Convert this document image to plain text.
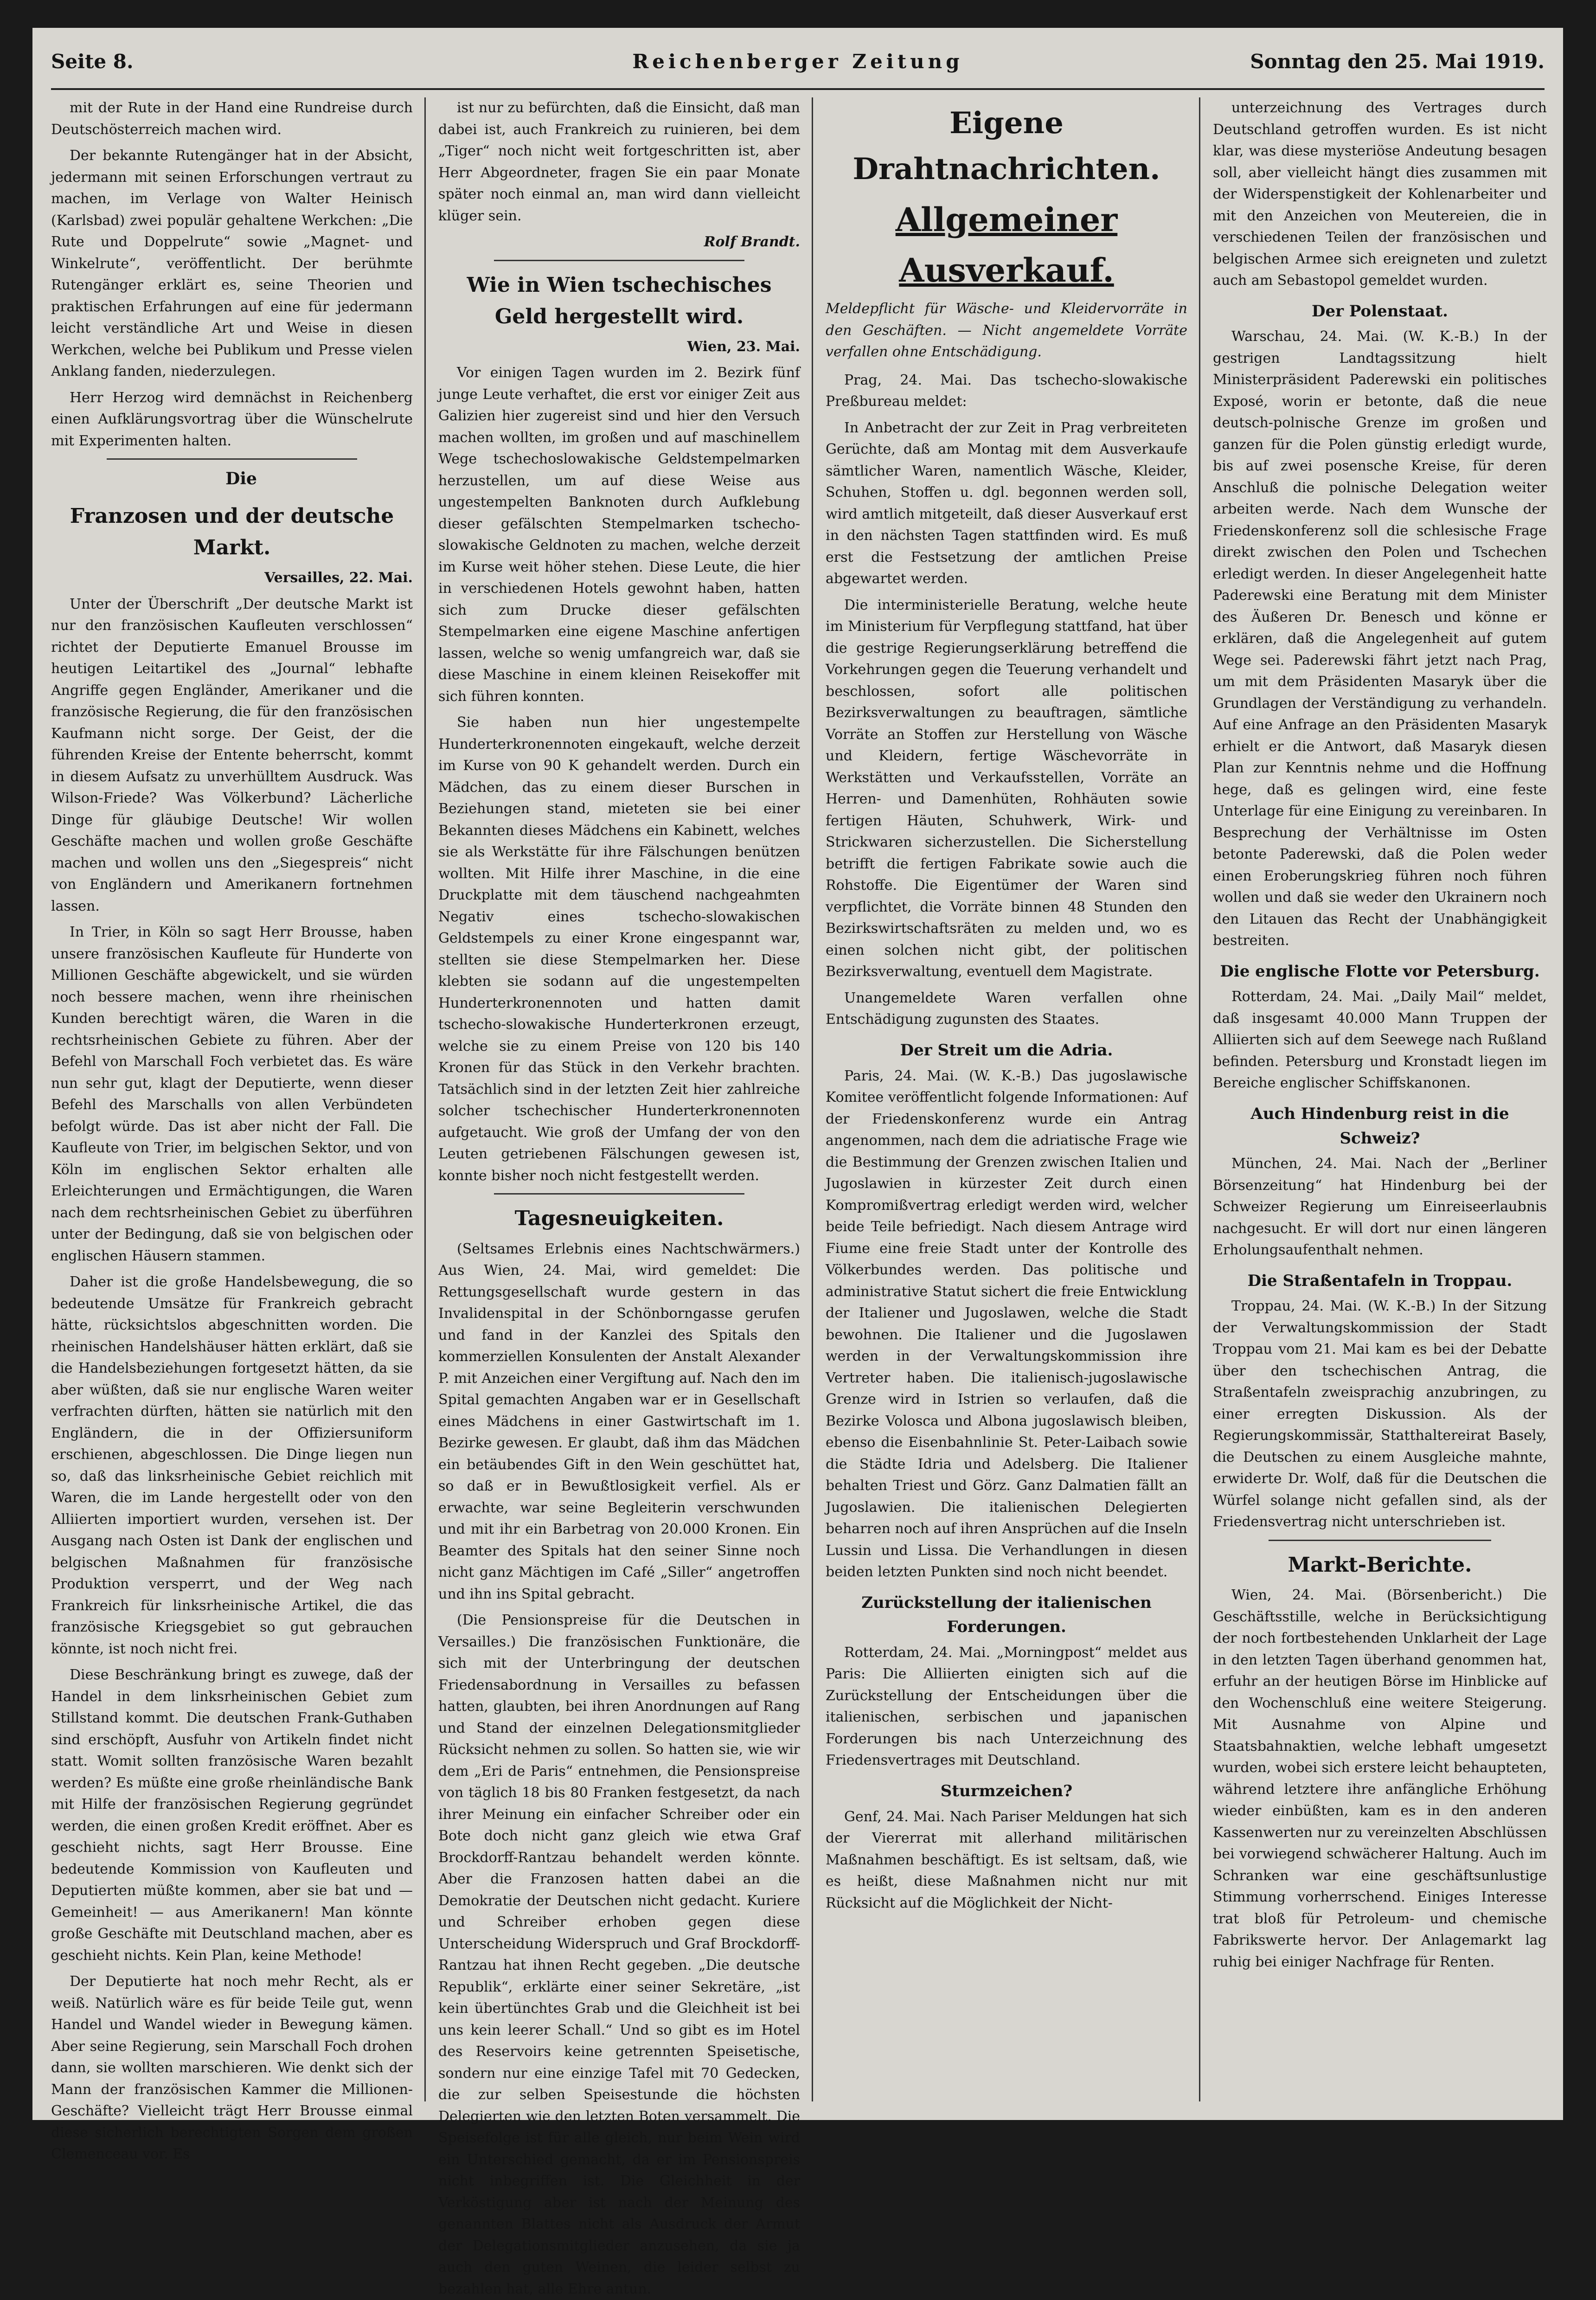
Seite 8.	Reichenberger Zeitung	Sonntag den 25. Mai 1919.

mit der Rute in der Hand eine Rundreise durch Deutschösterreich machen wird.

Der bekannte Rutengänger hat in der Absicht, jedermann mit seinen Erforschungen vertraut zu machen, im Verlage von Walter Heinisch (Karlsbad) zwei populär gehaltene Werkchen: „Die Rute und Doppelrute“ sowie „Magnet- und Winkelrute“, veröffentlicht. Der berühmte Rutengänger erklärt es, seine Theorien und praktischen Erfahrungen auf eine für jedermann leicht verständliche Art und Weise in diesen Werkchen, welche bei Publikum und Presse vielen Anklang fanden, niederzulegen.

Herr Herzog wird demnächst in Reichenberg einen Aufklärungsvortrag über die Wünschelrute mit Experimenten halten.

Die

Franzosen und der deutsche Markt.

Versailles, 22. Mai.

Unter der Überschrift „Der deutsche Markt ist nur den französischen Kaufleuten verschlossen“ richtet der Deputierte Emanuel Brousse im heutigen Leitartikel des „Journal“ lebhafte Angriffe gegen Engländer, Amerikaner und die französische Regierung, die für den französischen Kaufmann nicht sorge. Der Geist, der die führenden Kreise der Entente beherrscht, kommt in diesem Aufsatz zu unverhülltem Ausdruck. Was Wilson-Friede? Was Völkerbund? Lächerliche Dinge für gläubige Deutsche! Wir wollen Geschäfte machen und wollen große Geschäfte machen und wollen uns den „Siegespreis“ nicht von Engländern und Amerikanern fortnehmen lassen.

In Trier, in Köln so sagt Herr Brousse, haben unsere französischen Kaufleute für Hunderte von Millionen Geschäfte abgewickelt, und sie würden noch bessere machen, wenn ihre rheinischen Kunden berechtigt wären, die Waren in die rechtsrheinischen Gebiete zu führen. Aber der Befehl von Marschall Foch verbietet das. Es wäre nun sehr gut, klagt der Deputierte, wenn dieser Befehl des Marschalls von allen Verbündeten befolgt würde. Das ist aber nicht der Fall. Die Kaufleute von Trier, im belgischen Sektor, und von Köln im englischen Sektor erhalten alle Erleichterungen und Ermächtigungen, die Waren nach dem rechtsrheinischen Gebiet zu überführen unter der Bedingung, daß sie von belgischen oder englischen Häusern stammen.

Daher ist die große Handelsbewegung, die so bedeutende Umsätze für Frankreich gebracht hätte, rücksichtslos abgeschnitten worden. Die rheinischen Handelshäuser hätten erklärt, daß sie die Handelsbeziehungen fortgesetzt hätten, da sie aber wüßten, daß sie nur englische Waren weiter verfrachten dürften, hätten sie natürlich mit den Engländern, die in der Offiziersuniform erschienen, abgeschlossen. Die Dinge liegen nun so, daß das linksrheinische Gebiet reichlich mit Waren, die im Lande hergestellt oder von den Alliierten importiert wurden, versehen ist. Der Ausgang nach Osten ist Dank der englischen und belgischen Maßnahmen für französische Produktion versperrt, und der Weg nach Frankreich für linksrheinische Artikel, die das französische Kriegsgebiet so gut gebrauchen könnte, ist noch nicht frei.

Diese Beschränkung bringt es zuwege, daß der Handel in dem linksrheinischen Gebiet zum Stillstand kommt. Die deutschen Frank-Guthaben sind erschöpft, Ausfuhr von Artikeln findet nicht statt. Womit sollten französische Waren bezahlt werden? Es müßte eine große rheinländische Bank mit Hilfe der französischen Regierung gegründet werden, die einen großen Kredit eröffnet. Aber es geschieht nichts, sagt Herr Brousse. Eine bedeutende Kommission von Kaufleuten und Deputierten müßte kommen, aber sie bat und — Gemeinheit! — aus Amerikanern! Man könnte große Geschäfte mit Deutschland machen, aber es geschieht nichts. Kein Plan, keine Methode!

Der Deputierte hat noch mehr Recht, als er weiß. Natürlich wäre es für beide Teile gut, wenn Handel und Wandel wieder in Bewegung kämen. Aber seine Regierung, sein Marschall Foch drohen dann, sie wollten marschieren. Wie denkt sich der Mann der französischen Kammer die Millionen-Geschäfte? Vielleicht trägt Herr Brousse einmal diese sicherlich berechtigten Sorgen dem großen Clemenceau vor. Es

ist nur zu befürchten, daß die Einsicht, daß man dabei ist, auch Frankreich zu ruinieren, bei dem „Tiger“ noch nicht weit fortgeschritten ist, aber Herr Abgeordneter, fragen Sie ein paar Monate später noch einmal an, man wird dann vielleicht klüger sein.

Rolf Brandt.

Wie in Wien tschechisches Geld hergestellt wird.

Wien, 23. Mai.

Vor einigen Tagen wurden im 2. Bezirk fünf junge Leute verhaftet, die erst vor einiger Zeit aus Galizien hier zugereist sind und hier den Versuch machen wollten, im großen und auf maschinellem Wege tschechoslowakische Geldstempelmarken herzustellen, um auf diese Weise aus ungestempelten Banknoten durch Aufklebung dieser gefälschten Stempelmarken tschecho-slowakische Geldnoten zu machen, welche derzeit im Kurse weit höher stehen. Diese Leute, die hier in verschiedenen Hotels gewohnt haben, hatten sich zum Drucke dieser gefälschten Stempelmarken eine eigene Maschine anfertigen lassen, welche so wenig umfangreich war, daß sie diese Maschine in einem kleinen Reisekoffer mit sich führen konnten.

Sie haben nun hier ungestempelte Hunderterkronennoten eingekauft, welche derzeit im Kurse von 90 K gehandelt werden. Durch ein Mädchen, das zu einem dieser Burschen in Beziehungen stand, mieteten sie bei einer Bekannten dieses Mädchens ein Kabinett, welches sie als Werkstätte für ihre Fälschungen benützen wollten. Mit Hilfe ihrer Maschine, in die eine Druckplatte mit dem täuschend nachgeahmten Negativ eines tschecho-slowakischen Geldstempels zu einer Krone eingespannt war, stellten sie diese Stempelmarken her. Diese klebten sie sodann auf die ungestempelten Hunderterkronennoten und hatten damit tschecho-slowakische Hunderterkronen erzeugt, welche sie zu einem Preise von 120 bis 140 Kronen für das Stück in den Verkehr brachten. Tatsächlich sind in der letzten Zeit hier zahlreiche solcher tschechischer Hunderterkronennoten aufgetaucht. Wie groß der Umfang der von den Leuten getriebenen Fälschungen gewesen ist, konnte bisher noch nicht festgestellt werden.

Tagesneuigkeiten.

(Seltsames Erlebnis eines Nachtschwärmers.) Aus Wien, 24. Mai, wird gemeldet: Die Rettungsgesellschaft wurde gestern in das Invalidenspital in der Schönborngasse gerufen und fand in der Kanzlei des Spitals den kommerziellen Konsulenten der Anstalt Alexander P. mit Anzeichen einer Vergiftung auf. Nach den im Spital gemachten Angaben war er in Gesellschaft eines Mädchens in einer Gastwirtschaft im 1. Bezirke gewesen. Er glaubt, daß ihm das Mädchen ein betäubendes Gift in den Wein geschüttet hat, so daß er in Bewußtlosigkeit verfiel. Als er erwachte, war seine Begleiterin verschwunden und mit ihr ein Barbetrag von 20.000 Kronen. Ein Beamter des Spitals hat den seiner Sinne noch nicht ganz Mächtigen im Café „Siller“ angetroffen und ihn ins Spital gebracht.

(Die Pensionspreise für die Deutschen in Versailles.) Die französischen Funktionäre, die sich mit der Unterbringung der deutschen Friedensabordnung in Versailles zu befassen hatten, glaubten, bei ihren Anordnungen auf Rang und Stand der einzelnen Delegationsmitglieder Rücksicht nehmen zu sollen. So hatten sie, wie wir dem „Eri de Paris“ entnehmen, die Pensionspreise von täglich 18 bis 80 Franken festgesetzt, da nach ihrer Meinung ein einfacher Schreiber oder ein Bote doch nicht ganz gleich wie etwa Graf Brockdorff-Rantzau behandelt werden könnte. Aber die Franzosen hatten dabei an die Demokratie der Deutschen nicht gedacht. Kuriere und Schreiber erhoben gegen diese Unterscheidung Widerspruch und Graf Brockdorff-Rantzau hat ihnen Recht gegeben. „Die deutsche Republik“, erklärte einer seiner Sekretäre, „ist kein übertünchtes Grab und die Gleichheit ist bei uns kein leerer Schall.“ Und so gibt es im Hotel des Reservoirs keine getrennten Speisetische, sondern nur eine einzige Tafel mit 70 Gedecken, die zur selben Speisestunde die höchsten Delegierten wie den letzten Boten versammelt. Die Speisefolge ist für alle gleich, nur beim Wein wird ein Unterschied gemacht, da er im Pensionspreis nicht inbegriffen ist. Die Gleichheit in der Verköstigung aber ist nach der Meinung des genannten Blattes nicht als Ausdruck der Armut der Delegationsmitglieder anzusehen, da sie ja auch den guten Weinen, die leider selbst zu bezahlen hat, alle Ehre antun.

Eigene Drahtnachrichten.
Allgemeiner Ausverkauf.

Meldepflicht für Wäsche- und Kleidervorräte in den Geschäften. — Nicht angemeldete Vorräte verfallen ohne Entschädigung.

Prag, 24. Mai. Das tschecho-slowakische Preßbureau meldet:

In Anbetracht der zur Zeit in Prag verbreiteten Gerüchte, daß am Montag mit dem Ausverkaufe sämtlicher Waren, namentlich Wäsche, Kleider, Schuhen, Stoffen u. dgl. begonnen werden soll, wird amtlich mitgeteilt, daß dieser Ausverkauf erst in den nächsten Tagen stattfinden wird. Es muß erst die Festsetzung der amtlichen Preise abgewartet werden.

Die interministerielle Beratung, welche heute im Ministerium für Verpflegung stattfand, hat über die gestrige Regierungserklärung betreffend die Vorkehrungen gegen die Teuerung verhandelt und beschlossen, sofort alle politischen Bezirksverwaltungen zu beauftragen, sämtliche Vorräte an Stoffen zur Herstellung von Wäsche und Kleidern, fertige Wäschevorräte in Werkstätten und Verkaufsstellen, Vorräte an Herren- und Damenhüten, Rohhäuten sowie fertigen Häuten, Schuhwerk, Wirk- und Strickwaren sicherzustellen. Die Sicherstellung betrifft die fertigen Fabrikate sowie auch die Rohstoffe. Die Eigentümer der Waren sind verpflichtet, die Vorräte binnen 48 Stunden den Bezirkswirtschaftsräten zu melden und, wo es einen solchen nicht gibt, der politischen Bezirksverwaltung, eventuell dem Magistrate.

Unangemeldete Waren verfallen ohne Entschädigung zugunsten des Staates.

Der Streit um die Adria.

Paris, 24. Mai. (W. K.-B.) Das jugoslawische Komitee veröffentlicht folgende Informationen: Auf der Friedenskonferenz wurde ein Antrag angenommen, nach dem die adriatische Frage wie die Bestimmung der Grenzen zwischen Italien und Jugoslawien in kürzester Zeit durch einen Kompromißvertrag erledigt werden wird, welcher beide Teile befriedigt. Nach diesem Antrage wird Fiume eine freie Stadt unter der Kontrolle des Völkerbundes werden. Das politische und administrative Statut sichert die freie Entwicklung der Italiener und Jugoslawen, welche die Stadt bewohnen. Die Italiener und die Jugoslawen werden in der Verwaltungskommission ihre Vertreter haben. Die italienisch-jugoslawische Grenze wird in Istrien so verlaufen, daß die Bezirke Volosca und Albona jugoslawisch bleiben, ebenso die Eisenbahnlinie St. Peter-Laibach sowie die Städte Idria und Adelsberg. Die Italiener behalten Triest und Görz. Ganz Dalmatien fällt an Jugoslawien. Die italienischen Delegierten beharren noch auf ihren Ansprüchen auf die Inseln Lussin und Lissa. Die Verhandlungen in diesen beiden letzten Punkten sind noch nicht beendet.

Zurückstellung der italienischen Forderungen.

Rotterdam, 24. Mai. „Morningpost“ meldet aus Paris: Die Alliierten einigten sich auf die Zurückstellung der Entscheidungen über die italienischen, serbischen und japanischen Forderungen bis nach Unterzeichnung des Friedensvertrages mit Deutschland.

Sturmzeichen?

Genf, 24. Mai. Nach Pariser Meldungen hat sich der Viererrat mit allerhand militärischen Maßnahmen beschäftigt. Es ist seltsam, daß, wie es heißt, diese Maßnahmen nicht nur mit Rücksicht auf die Möglichkeit der Nicht-

unterzeichnung des Vertrages durch Deutschland getroffen wurden. Es ist nicht klar, was diese mysteriöse Andeutung besagen soll, aber vielleicht hängt dies zusammen mit der Widerspenstigkeit der Kohlenarbeiter und mit den Anzeichen von Meutereien, die in verschiedenen Teilen der französischen und belgischen Armee sich ereigneten und zuletzt auch am Sebastopol gemeldet wurden.

Der Polenstaat.

Warschau, 24. Mai. (W. K.-B.) In der gestrigen Landtagssitzung hielt Ministerpräsident Paderewski ein politisches Exposé, worin er betonte, daß die neue deutsch-polnische Grenze im großen und ganzen für die Polen günstig erledigt wurde, bis auf zwei posensche Kreise, für deren Anschluß die polnische Delegation weiter arbeiten werde. Nach dem Wunsche der Friedenskonferenz soll die schlesische Frage direkt zwischen den Polen und Tschechen erledigt werden. In dieser Angelegenheit hatte Paderewski eine Beratung mit dem Minister des Äußeren Dr. Benesch und könne er erklären, daß die Angelegenheit auf gutem Wege sei. Paderewski fährt jetzt nach Prag, um mit dem Präsidenten Masaryk über die Grundlagen der Verständigung zu verhandeln. Auf eine Anfrage an den Präsidenten Masaryk erhielt er die Antwort, daß Masaryk diesen Plan zur Kenntnis nehme und die Hoffnung hege, daß es gelingen wird, eine feste Unterlage für eine Einigung zu vereinbaren. In Besprechung der Verhältnisse im Osten betonte Paderewski, daß die Polen weder einen Eroberungskrieg führen noch führen wollen und daß sie weder den Ukrainern noch den Litauen das Recht der Unabhängigkeit bestreiten.

Die englische Flotte vor Petersburg.

Rotterdam, 24. Mai. „Daily Mail“ meldet, daß insgesamt 40.000 Mann Truppen der Alliierten sich auf dem Seewege nach Rußland befinden. Petersburg und Kronstadt liegen im Bereiche englischer Schiffskanonen.

Auch Hindenburg reist in die Schweiz?

München, 24. Mai. Nach der „Berliner Börsenzeitung“ hat Hindenburg bei der Schweizer Regierung um Einreiseerlaubnis nachgesucht. Er will dort nur einen längeren Erholungsaufenthalt nehmen.

Die Straßentafeln in Troppau.

Troppau, 24. Mai. (W. K.-B.) In der Sitzung der Verwaltungskommission der Stadt Troppau vom 21. Mai kam es bei der Debatte über den tschechischen Antrag, die Straßentafeln zweisprachig anzubringen, zu einer erregten Diskussion. Als der Regierungskommissär, Statthaltereirat Basely, die Deutschen zu einem Ausgleiche mahnte, erwiderte Dr. Wolf, daß für die Deutschen die Würfel solange nicht gefallen sind, als der Friedensvertrag nicht unterschrieben ist.

Markt-Berichte.

Wien, 24. Mai. (Börsenbericht.) Die Geschäftsstille, welche in Berücksichtigung der noch fortbestehenden Unklarheit der Lage in den letzten Tagen überhand genommen hat, erfuhr an der heutigen Börse im Hinblicke auf den Wochenschluß eine weitere Steigerung. Mit Ausnahme von Alpine und Staatsbahnaktien, welche lebhaft umgesetzt wurden, wobei sich erstere leicht behaupteten, während letztere ihre anfängliche Erhöhung wieder einbüßten, kam es in den anderen Kassenwerten nur zu vereinzelten Abschlüssen bei vorwiegend schwächerer Haltung. Auch im Schranken war eine geschäftsunlustige Stimmung vorherrschend. Einiges Interesse trat bloß für Petroleum- und chemische Fabrikswerte hervor. Der Anlagemarkt lag ruhig bei einiger Nachfrage für Renten.
